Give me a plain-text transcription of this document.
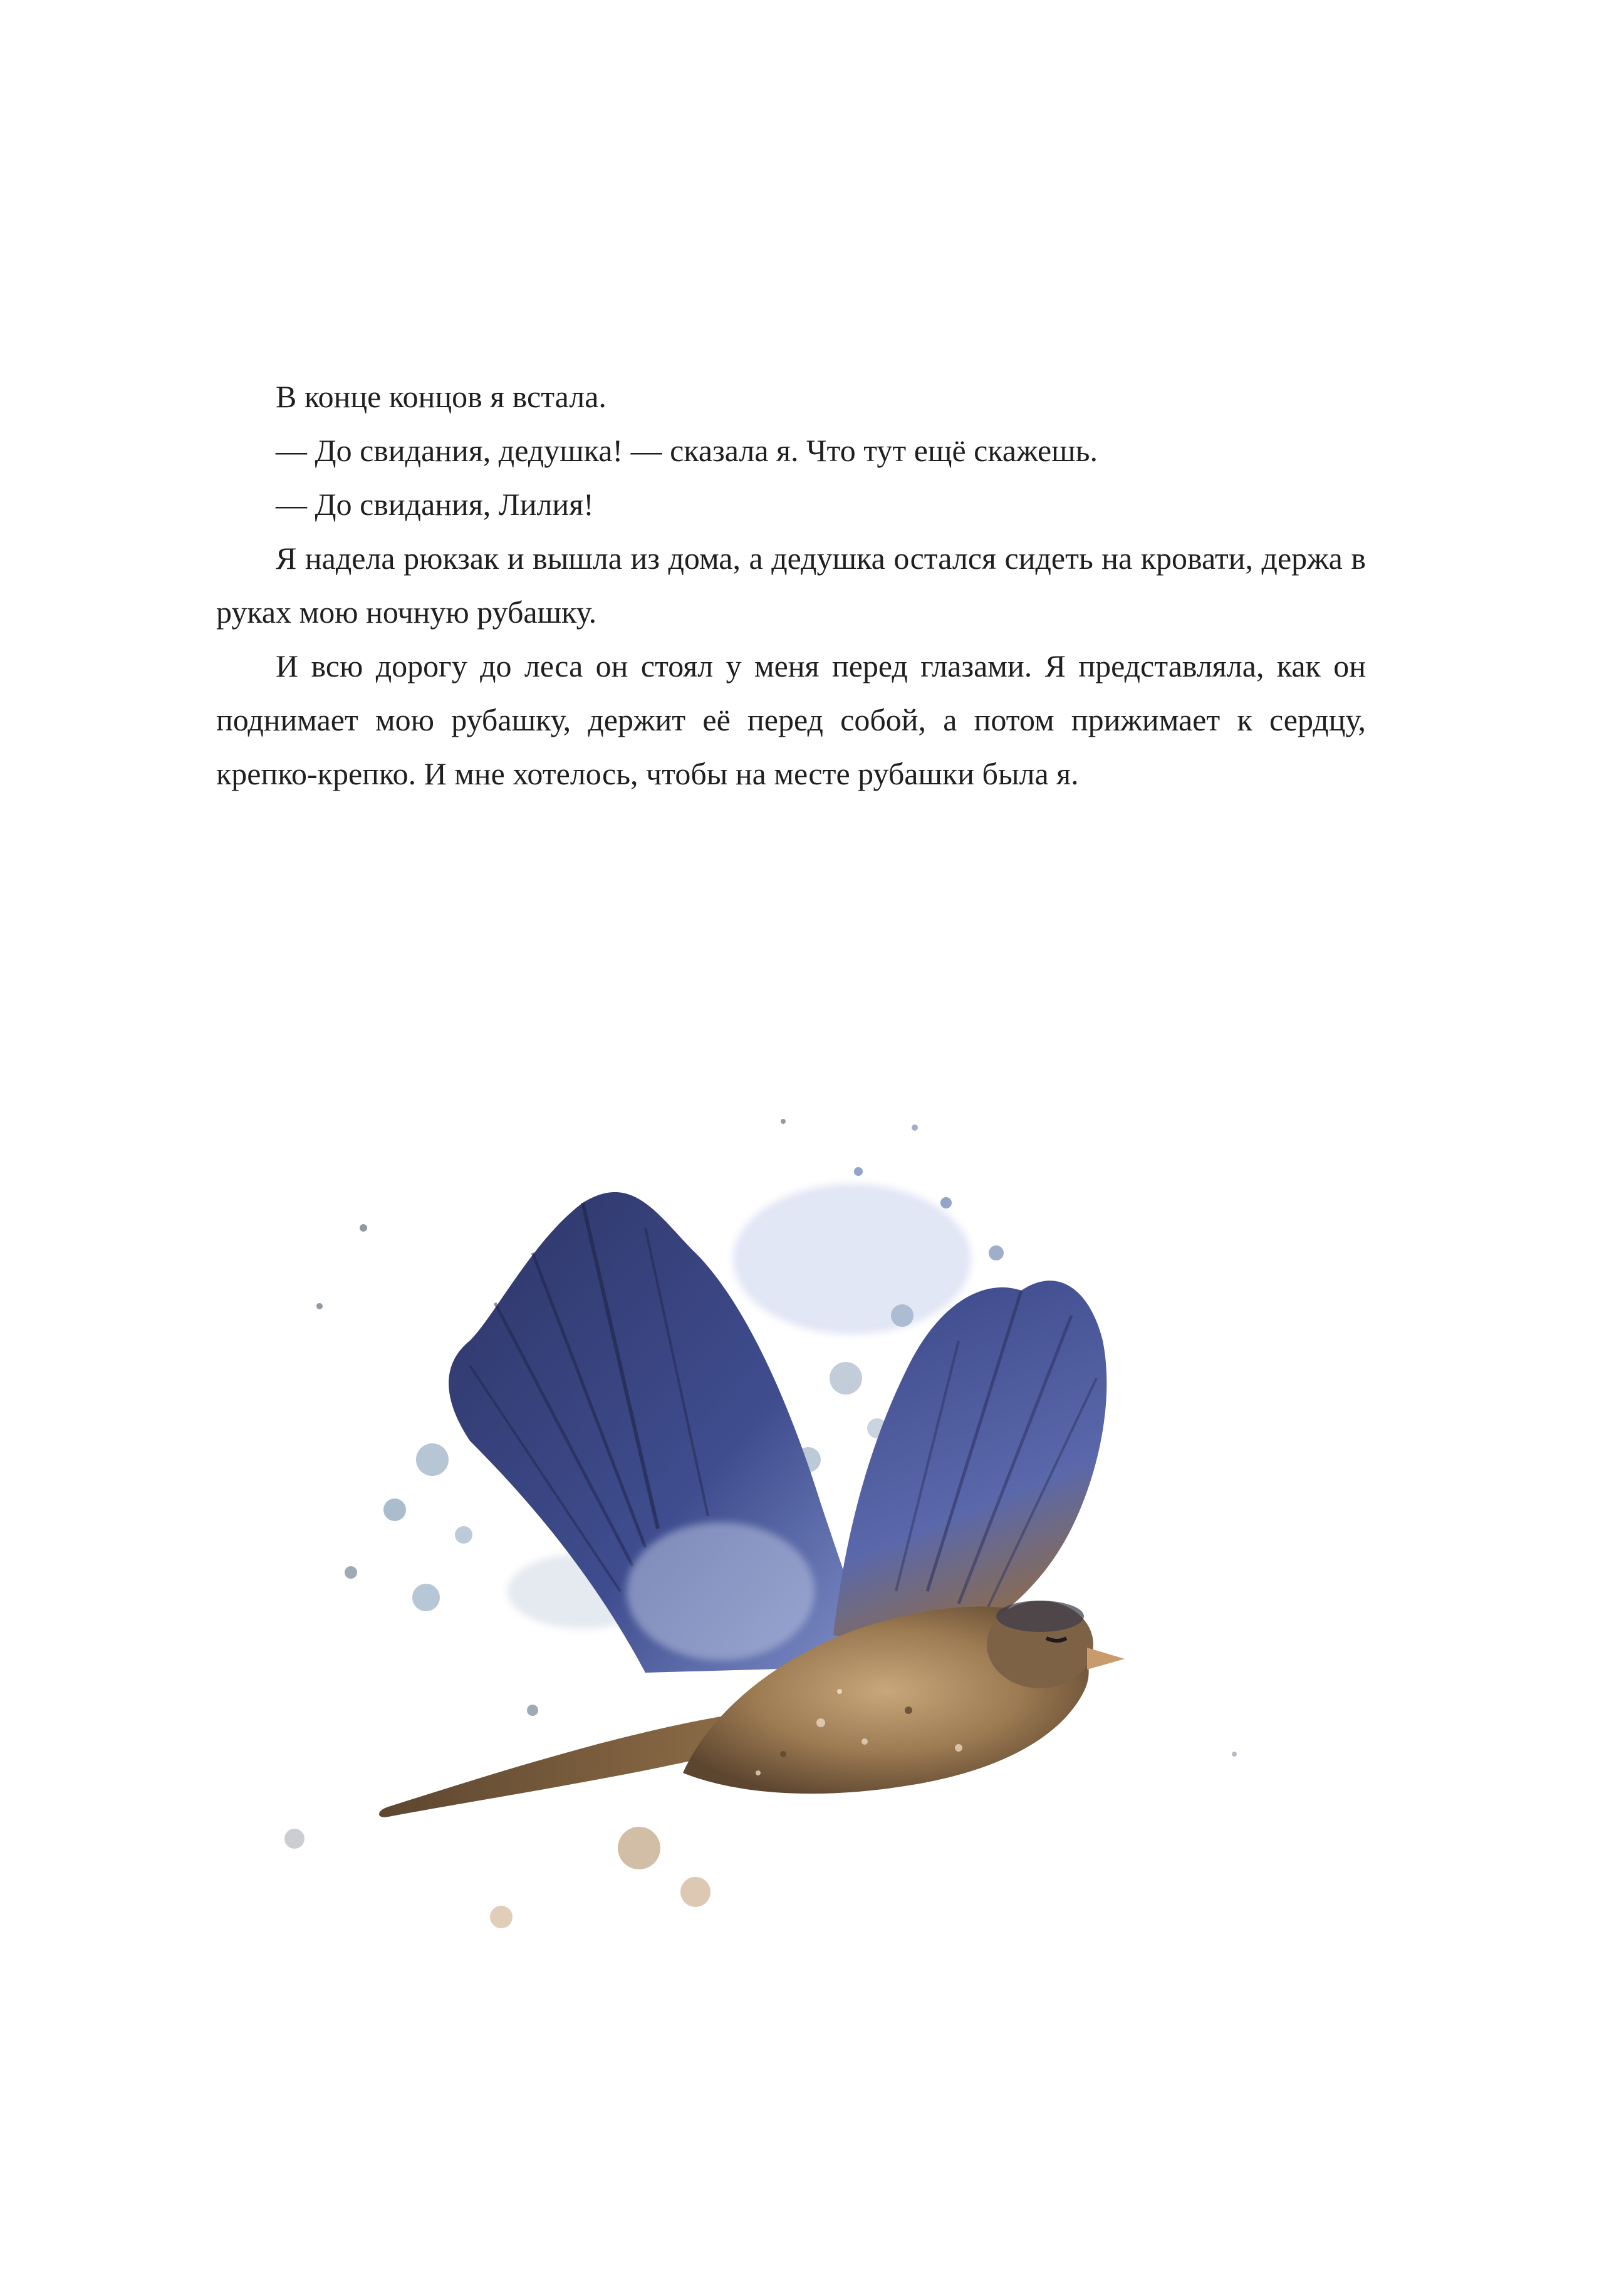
В конце концов я встала.

— До свидания, дедушка! — сказала я. Что тут ещё скажешь.

— До свидания, Лилия!

Я надела рюкзак и вышла из дома, а дедушка остался сидеть на кровати, держа в руках мою ночную рубашку.

И всю дорогу до леса он стоял у меня перед глазами. Я представляла, как он поднимает мою рубашку, держит её перед собой, а потом прижимает к сердцу, крепко-крепко. И мне хотелось, чтобы на месте рубашки была я.
